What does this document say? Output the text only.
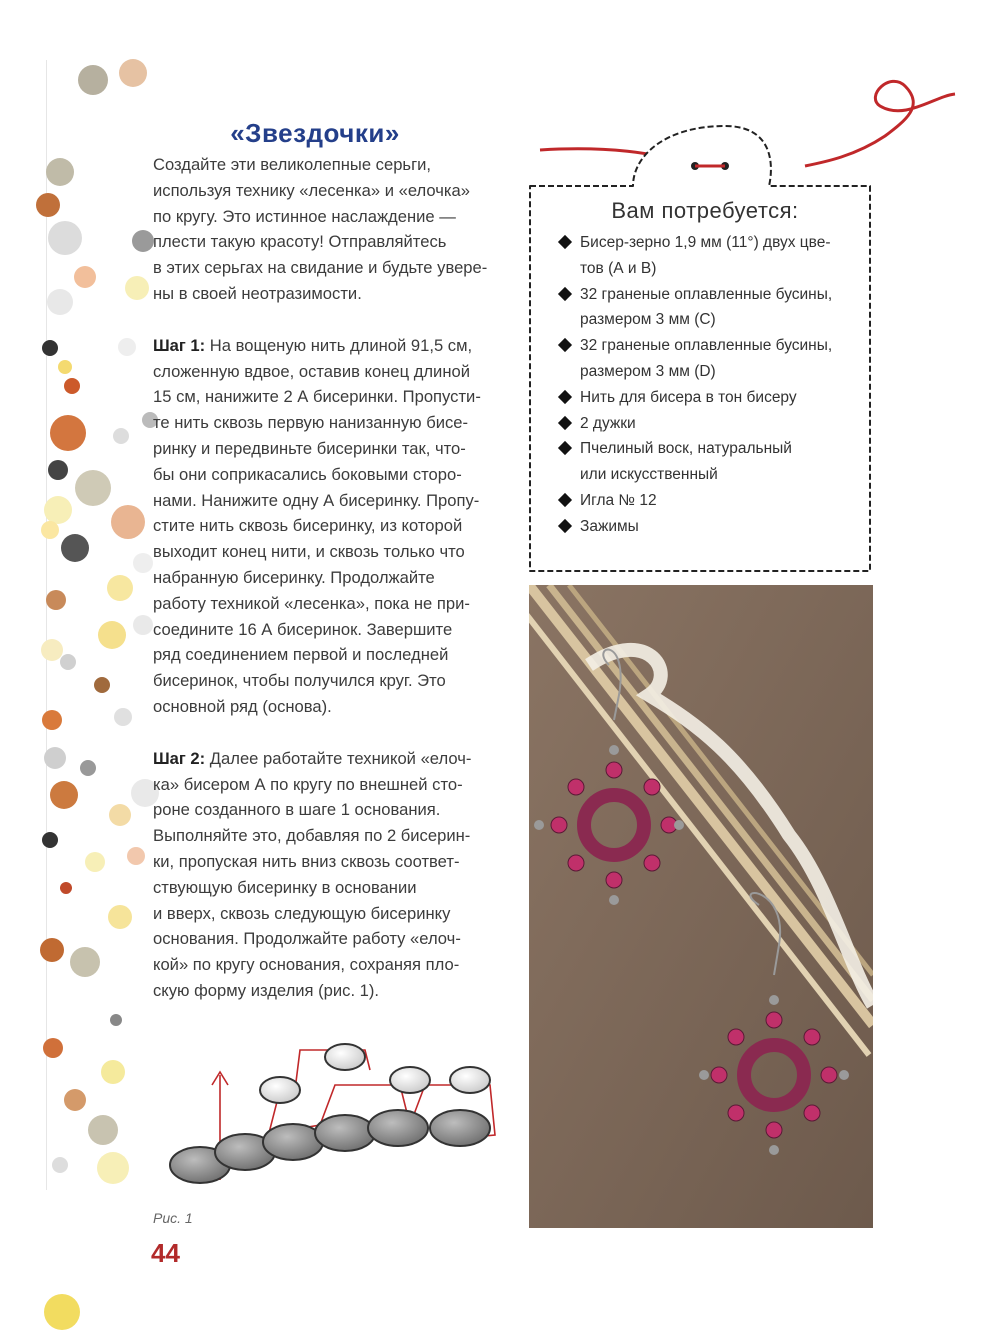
«Звездочки»

Создайте эти великолепные серьги,
используя технику «лесенка» и «елочка»
по кругу. Это истинное наслаждение —
плести такую красоту! Отправляйтесь
в этих серьгах на свидание и будьте увере-
ны в своей неотразимости.

Шаг 1: На вощеную нить длиной 91,5 см,
сложенную вдвое, оставив конец длиной
15 см, нанижите 2 А бисеринки. Пропусти-
те нить сквозь первую нанизанную бисе-
ринку и передвиньте бисеринки так, что-
бы они соприкасались боковыми сторо-
нами. Нанижите одну А бисеринку. Пропу-
стите нить сквозь бисеринку, из которой
выходит конец нити, и сквозь только что
набранную бисеринку. Продолжайте
работу техникой «лесенка», пока не при-
соедините 16 А бисеринок. Завершите
ряд соединением первой и последней
бисеринок, чтобы получился круг. Это
основной ряд (основа).

Шаг 2: Далее работайте техникой «елоч-
ка» бисером А по кругу по внешней сто-
роне созданного в шаге 1 основания.
Выполняйте это, добавляя по 2 бисерин-
ки, пропуская нить вниз сквозь соответ-
ствующую бисеринку в основании
и вверх, сквозь следующую бисеринку
основания. Продолжайте работу «елоч-
кой» по кругу основания, сохраняя пло-
скую форму изделия (рис. 1).

Рис. 1
44
Вам потребуется:
Бисер-зерно 1,9 мм (11°) двух цве-
тов (А и В)
32 граненые оплавленные бусины,
размером 3 мм (C)
32 граненые оплавленные бусины,
размером 3 мм (D)
Нить для бисера в тон бисеру
2 дужки
Пчелиный воск, натуральный
или искусственный
Игла № 12
Зажимы
